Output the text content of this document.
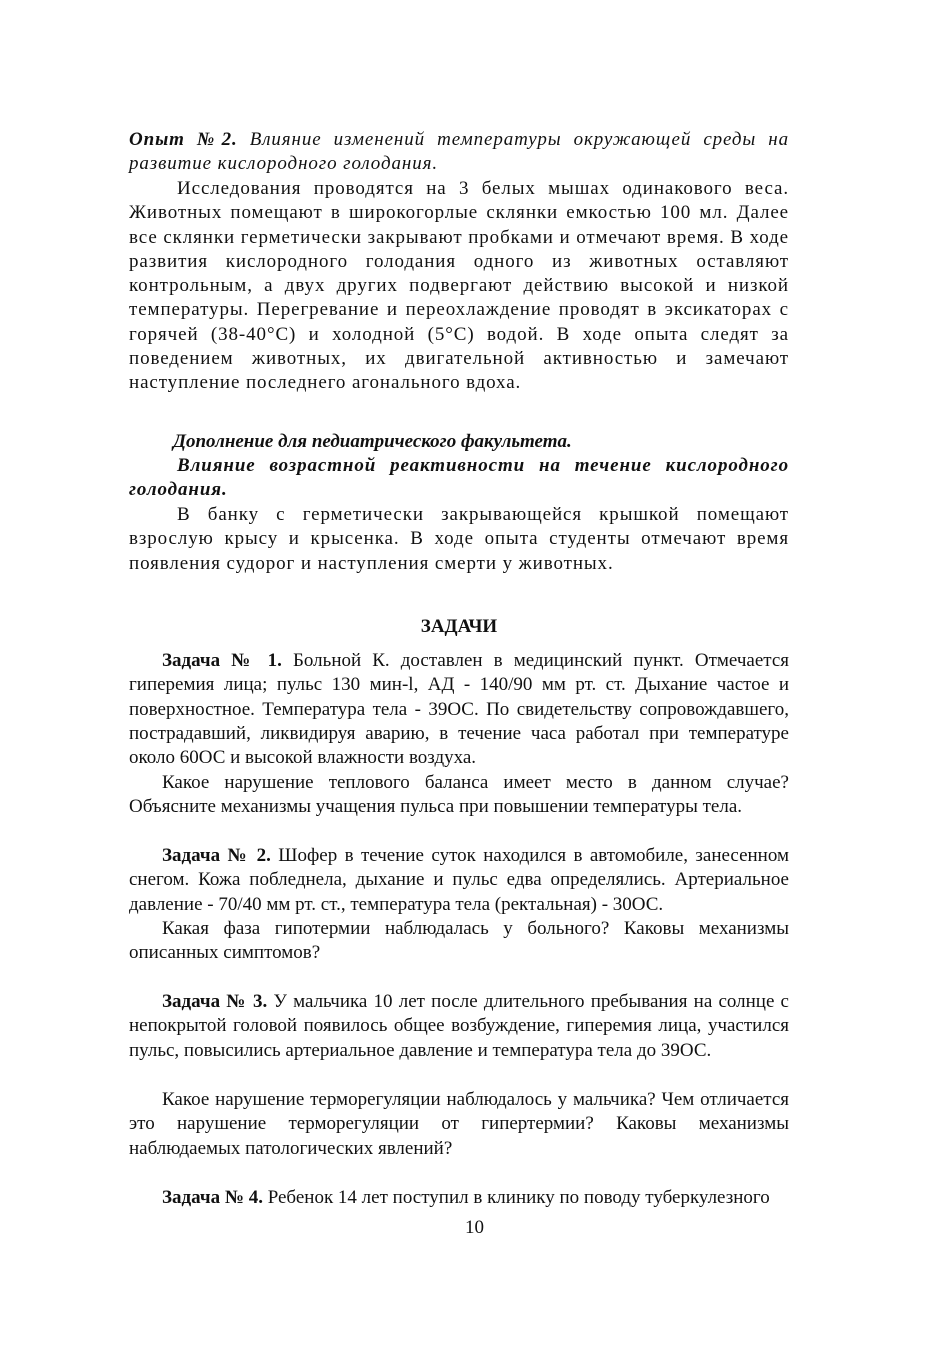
Опыт №2. Влияние изменений температуры окружающей среды на развитие кислородного голодания.

Исследования проводятся на 3 белых мышах одинакового веса. Животных помещают в широкогорлые склянки емкостью 100 мл. Далее все склянки герметически закрывают пробками и отмечают время. В ходе развития кислородного голодания одного из животных оставляют контрольным, а двух других подвергают действию высокой и низкой температуры. Перегревание и переохлаждение проводят в эксикаторах с горячей (38-40°С) и холодной (5°С) водой. В ходе опыта следят за поведением животных, их двигательной активностью и замечают наступление последнего агонального вдоха.

Дополнение для педиатрического факультета.

Влияние возрастной реактивности на течение кислородного голодания.

В банку с герметически закрывающейся крышкой помещают взрослую крысу и крысенка. В ходе опыта студенты отмечают время появления судорог и наступления смерти у животных.

ЗАДАЧИ

Задача № 1. Больной К. доставлен в медицинский пункт. Отмечается гиперемия лица; пульс 130 мин-l, АД - 140/90 мм рт. ст. Дыхание частое и поверхностное. Температура тела - 39ОС. По свидетельству сопровождавшего, пострадавший, ликвидируя аварию, в течение часа работал при температуре около 60ОС и высокой влажности воздуха.

Какое нарушение теплового баланса имеет место в данном случае? Объясните механизмы учащения пульса при повышении температуры тела.

Задача № 2. Шофер в течение суток находился в автомобиле, занесенном снегом. Кожа побледнела, дыхание и пульс едва определялись. Артериальное давление - 70/40 мм рт. ст., температура тела (ректальная) - 30ОС.

Какая фаза гипотермии наблюдалась у больного? Каковы механизмы описанных симптомов?

Задача № 3. У мальчика 10 лет после длительного пребывания на солнце с непокрытой головой появилось общее возбуждение, гиперемия лица, участился пульс, повысились артериальное давление и температура тела до 39ОС.

Какое нарушение терморегуляции наблюдалось у мальчика? Чем отличается это нарушение терморегуляции от гипертермии? Каковы механизмы наблюдаемых патологических явлений?

Задача № 4. Ребенок 14 лет поступил в клинику по поводу туберкулезного

10
